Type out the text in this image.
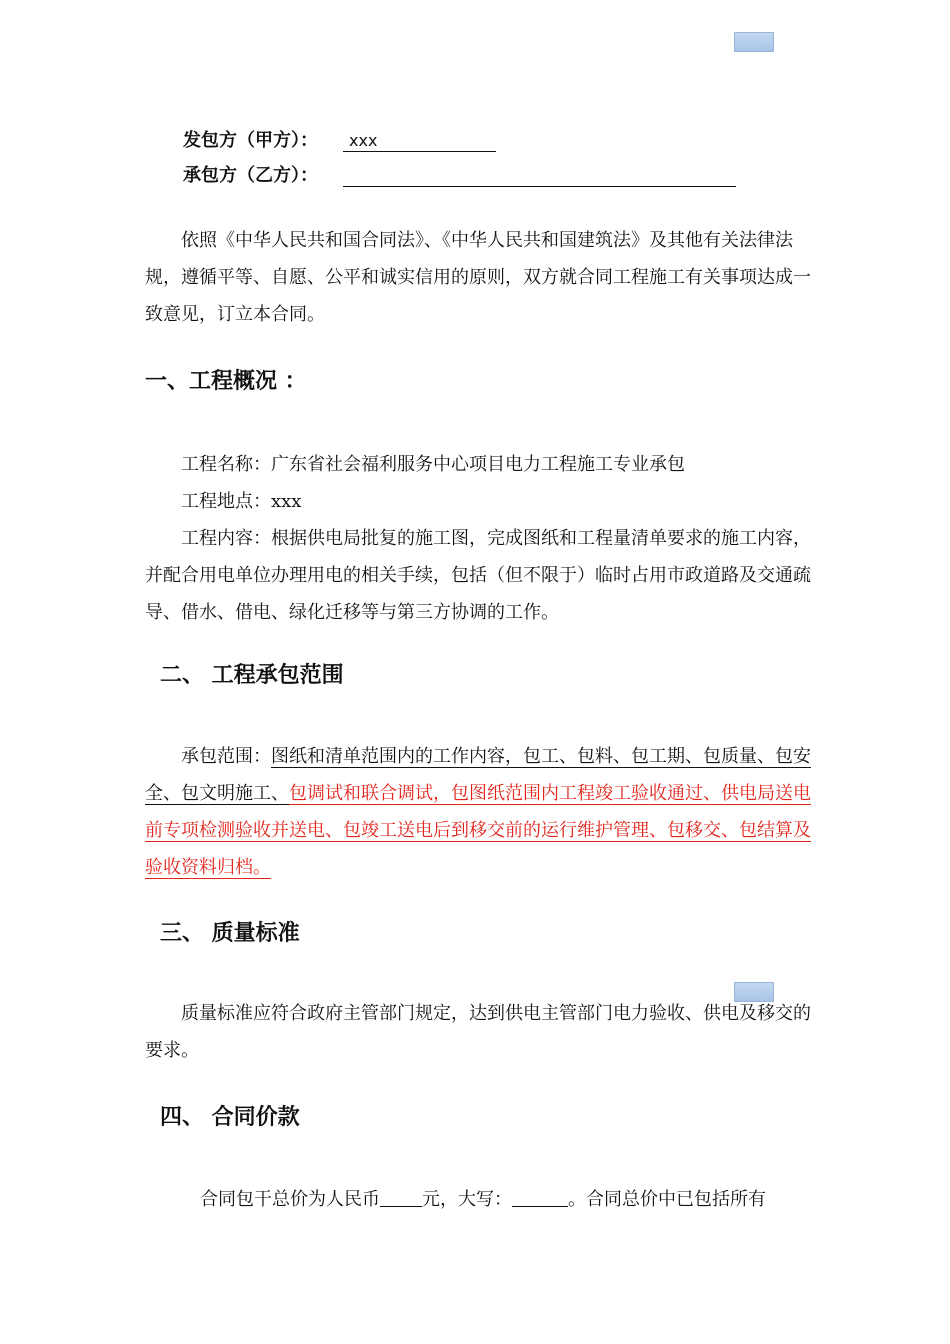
发包方（甲方）： xxx
承包方（乙方）：

依照《中华人民共和国合同法》、《中华人民共和国建筑法》及其他有关法律法规，遵循平等、自愿、公平和诚实信用的原则，双方就合同工程施工有关事项达成一致意见，订立本合同。

一、工程概况 ：
工程名称：广东省社会福利服务中心项目电力工程施工专业承包
工程地点：xxx
工程内容：根据供电局批复的施工图，完成图纸和工程量清单要求的施工内容，并配合用电单位办理用电的相关手续，包括（但不限于）临时占用市政道路及交通疏导、借水、借电、绿化迁移等与第三方协调的工作。
二、 工程承包范围

承包范围：图纸和清单范围内的工作内容，包工、包料、包工期、包质量、包安全、包文明施工、包调试和联合调试，包图纸范围内工程竣工验收通过、供电局送电前专项检测验收并送电、包竣工送电后到移交前的运行维护管理、包移交、包结算及验收资料归档。

三、 质量标准

质量标准应符合政府主管部门规定，达到供电主管部门电力验收、供电及移交的要求。

四、 合同价款

合同包干总价为人民币 元，大写：	。合同总价中已包括所有
